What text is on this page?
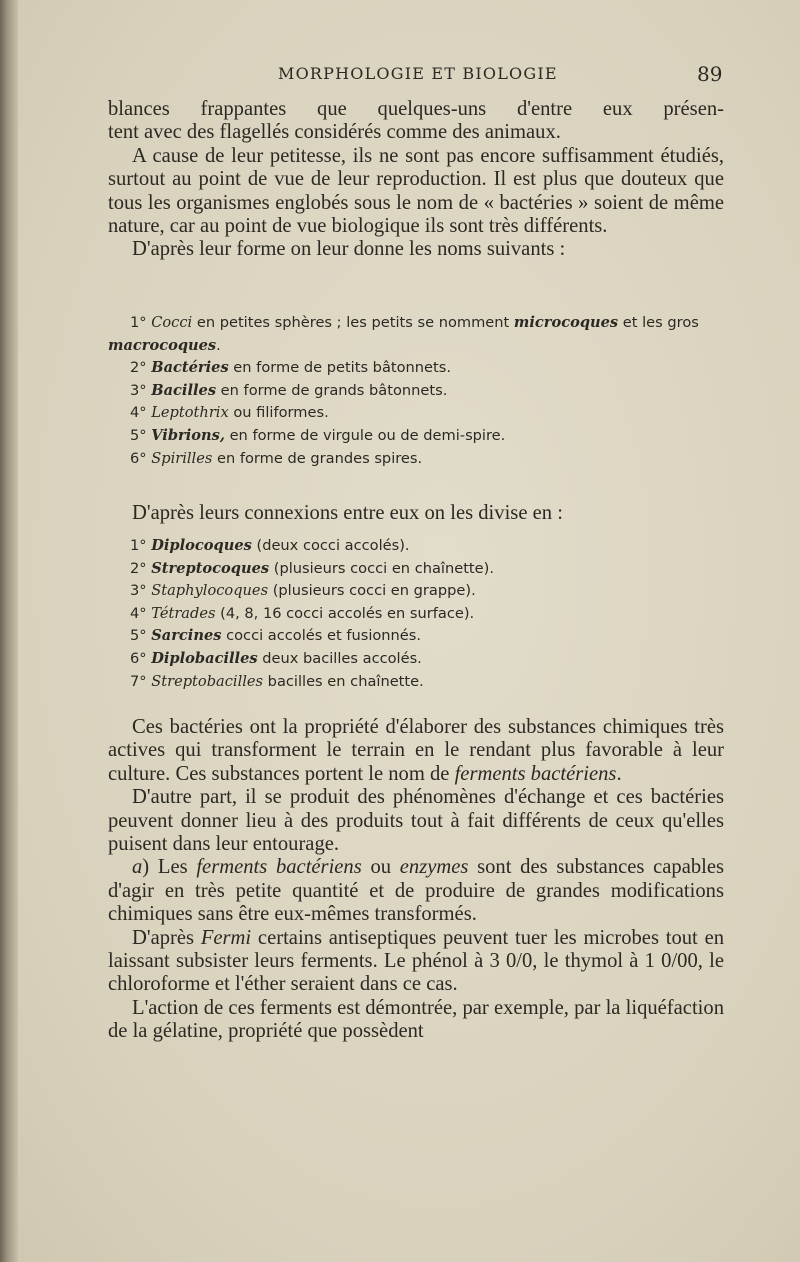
MORPHOLOGIE ET BIOLOGIE	89

blances frappantes que quelques-uns d'entre eux présen-

tent avec des flagellés considérés comme des animaux.

A cause de leur petitesse, ils ne sont pas encore suffisamment étudiés, surtout au point de vue de leur reproduction. Il est plus que douteux que tous les organismes englobés sous le nom de « bactéries » soient de même nature, car au point de vue biologique ils sont très différents.

D'après leur forme on leur donne les noms suivants :

1° Cocci en petites sphères ; les petits se nomment microcoques et les gros macrocoques.

2° Bactéries en forme de petits bâtonnets.

3° Bacilles en forme de grands bâtonnets.

4° Leptothrix ou filiformes.

5° Vibrions, en forme de virgule ou de demi-spire.

6° Spirilles en forme de grandes spires.

D'après leurs connexions entre eux on les divise en :

1° Diplocoques (deux cocci accolés).

2° Streptocoques (plusieurs cocci en chaînette).

3° Staphylocoques (plusieurs cocci en grappe).

4° Tétrades (4, 8, 16 cocci accolés en surface).

5° Sarcines cocci accolés et fusionnés.

6° Diplobacilles deux bacilles accolés.

7° Streptobacilles bacilles en chaînette.

Ces bactéries ont la propriété d'élaborer des substances chimiques très actives qui transforment le terrain en le rendant plus favorable à leur culture. Ces substances portent le nom de ferments bactériens.

D'autre part, il se produit des phénomènes d'échange et ces bactéries peuvent donner lieu à des produits tout à fait différents de ceux qu'elles puisent dans leur entourage.

a) Les ferments bactériens ou enzymes sont des substances capables d'agir en très petite quantité et de produire de grandes modifications chimiques sans être eux-mêmes transformés.

D'après Fermi certains antiseptiques peuvent tuer les microbes tout en laissant subsister leurs ferments. Le phénol à 3 0/0, le thymol à 1 0/00, le chloroforme et l'éther seraient dans ce cas.

L'action de ces ferments est démontrée, par exemple, par la liquéfaction de la gélatine, propriété que possèdent
